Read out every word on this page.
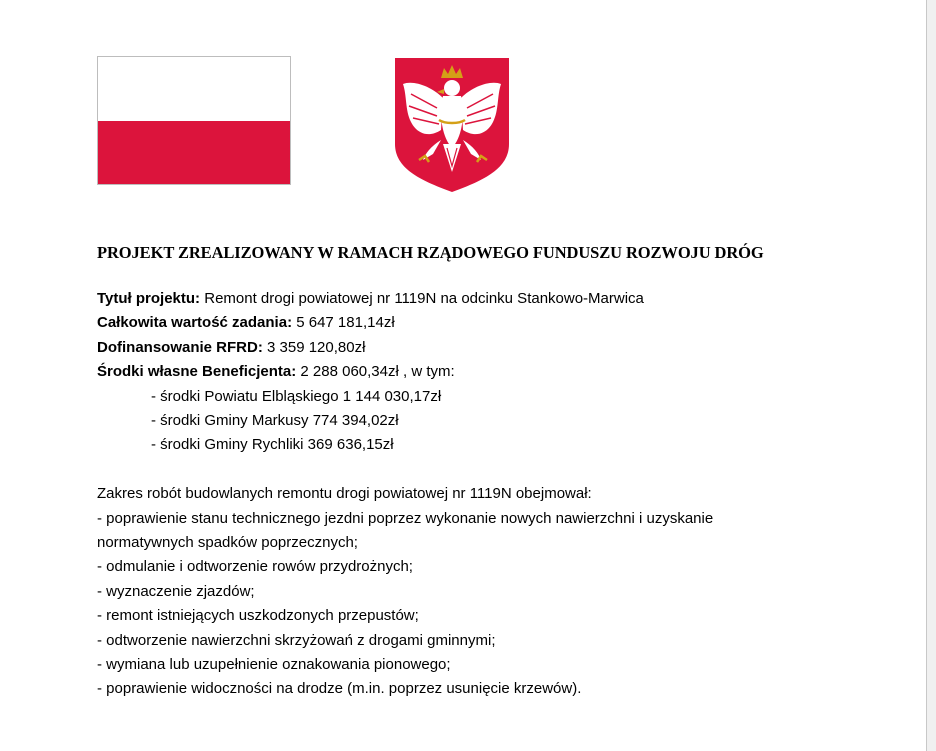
PROJEKT ZREALIZOWANY W RAMACH RZĄDOWEGO FUNDUSZU ROZWOJU DRÓG
Tytuł projektu: Remont drogi powiatowej nr 1119N na odcinku Stankowo-Marwica
Całkowita wartość zadania: 5 647 181,14zł
Dofinansowanie RFRD: 3 359 120,80zł
Środki własne Beneficjenta: 2 288 060,34zł , w tym:
- środki Powiatu Elbląskiego 1 144 030,17zł
- środki Gminy Markusy 774 394,02zł
- środki Gminy Rychliki 369 636,15zł
Zakres robót budowlanych remontu drogi powiatowej nr 1119N obejmował:
- poprawienie stanu technicznego jezdni poprzez wykonanie nowych nawierzchni i uzyskanie
normatywnych spadków poprzecznych;
- odmulanie i odtworzenie rowów przydrożnych;
- wyznaczenie zjazdów;
- remont istniejących uszkodzonych przepustów;
- odtworzenie nawierzchni skrzyżowań z drogami gminnymi;
- wymiana lub uzupełnienie oznakowania pionowego;
- poprawienie widoczności na drodze (m.in. poprzez usunięcie krzewów).
